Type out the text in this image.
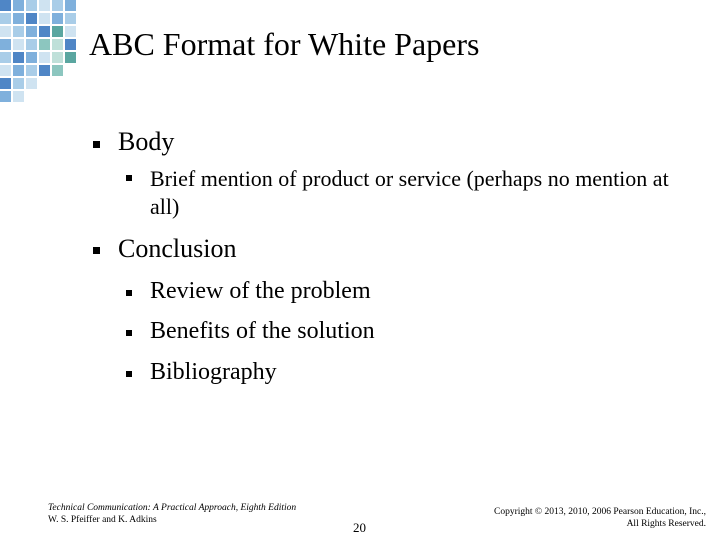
ABC Format for White Papers
Body
Brief mention of product or service (perhaps no mention at all)
Conclusion
Review of the problem
Benefits of the solution
Bibliography
Technical Communication: A Practical Approach, Eighth Edition
W. S. Pfeiffer and K. Adkins	20
Copyright © 2013, 2010, 2006 Pearson Education, Inc.,
All Rights Reserved.
